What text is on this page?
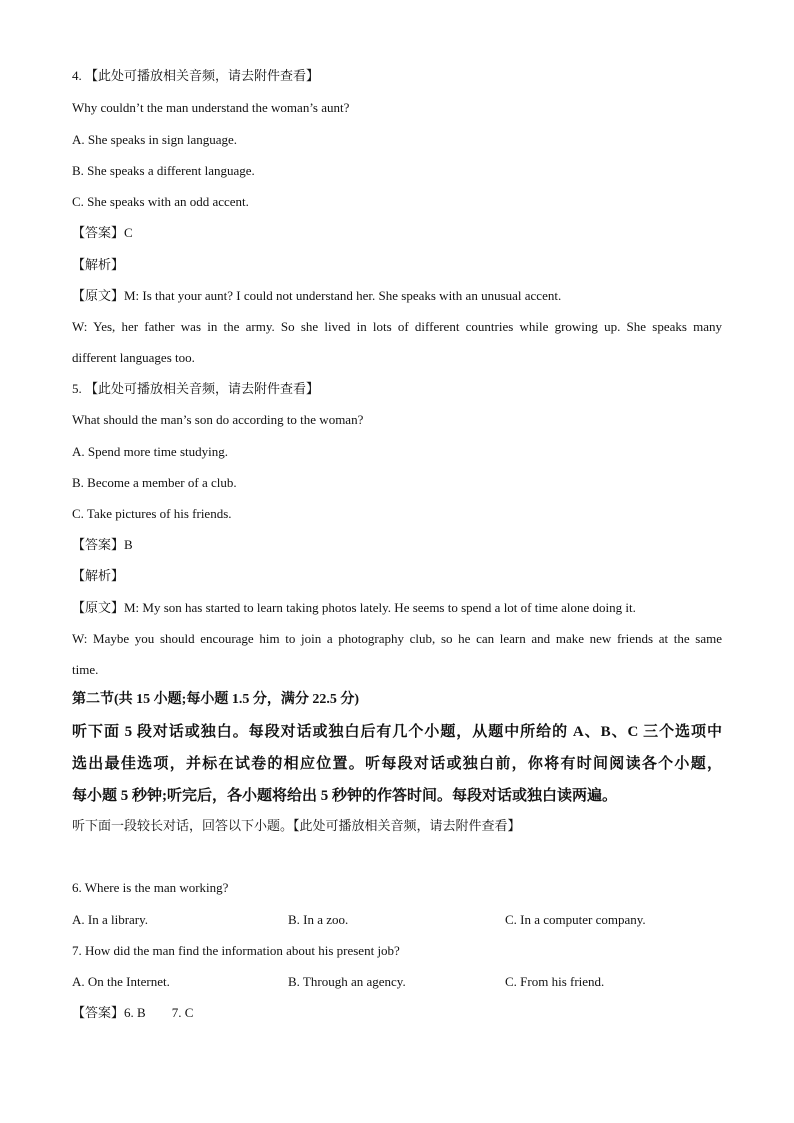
4. 【此处可播放相关音频，请去附件查看】
Why couldn’t the man understand the woman’s aunt?
A. She speaks in sign language.
B. She speaks a different language.
C. She speaks with an odd accent.
【答案】C
【解析】
【原文】M: Is that your aunt? I could not understand her. She speaks with an unusual accent.
W: Yes, her father was in the army. So she lived in lots of different countries while growing up. She speaks many
different languages too.
5. 【此处可播放相关音频，请去附件查看】
What should the man’s son do according to the woman?
A. Spend more time studying.
B. Become a member of a club.
C. Take pictures of his friends.
【答案】B
【解析】
【原文】M: My son has started to learn taking photos lately. He seems to spend a lot of time alone doing it.
W: Maybe you should encourage him to join a photography club, so he can learn and make new friends at the same
time.
第二节(共 15 小题;每小题 1.5 分，满分 22.5 分)
听下面 5 段对话或独白。每段对话或独白后有几个小题，从题中所给的 A、B、C 三个选项中
选出最佳选项，并标在试卷的相应位置。听每段对话或独白前，你将有时间阅读各个小题，
每小题 5 秒钟;听完后，各小题将给出 5 秒钟的作答时间。每段对话或独白读两遍。
听下面一段较长对话，回答以下小题。【此处可播放相关音频，请去附件查看】
6. Where is the man working?
A. In a library.	B. In a zoo.	C. In a computer company.
7. How did the man find the information about his present job?
A. On the Internet.	B. Through an agency.	C. From his friend.
【答案】6. B 7. C
